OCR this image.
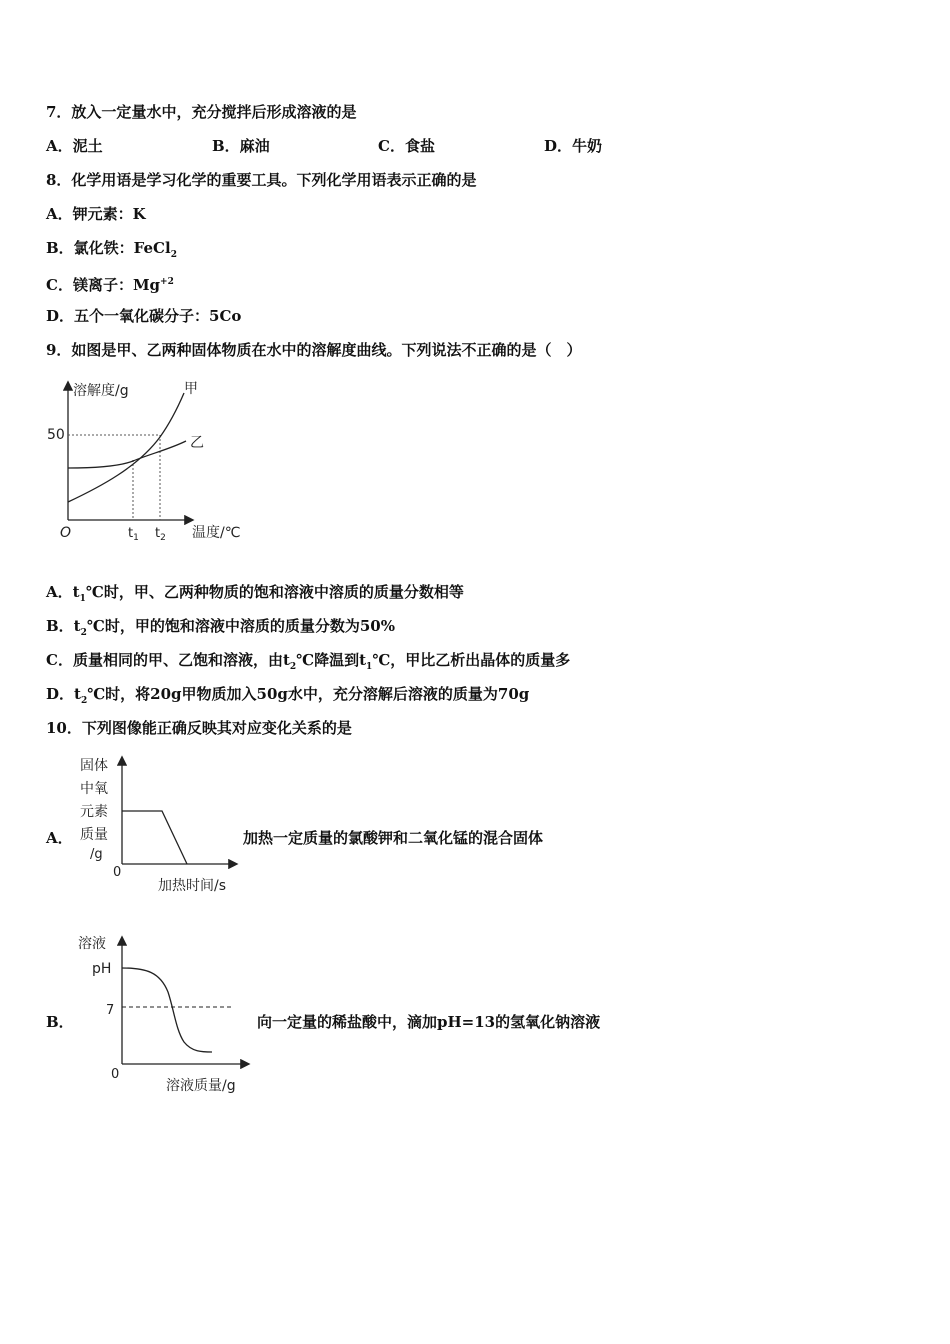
7．放入一定量水中，充分搅拌后形成溶液的是
A．泥土	B．麻油	C．食盐	D．牛奶
8．化学用语是学习化学的重要工具。下列化学用语表示正确的是
A．钾元素：K
B．氯化铁：FeCl$_2$
C．镁离子：$Mg^{+2}$
D．五个一氧化碳分子：5Co
9．如图是甲、乙两种固体物质在水中的溶解度曲线。下列说法不正确的是（　）
溶解度/g
50
O	温度/℃
$t_1$ $t_2$
甲
乙
A．$t_1℃$时，甲、乙两种物质的饱和溶液中溶质的质量分数相等
B．$t_2℃$时，甲的饱和溶液中溶质的质量分数为50%
C．质量相同的甲、乙饱和溶液，由$t_2℃$降温到$t_1℃$，甲比乙析出晶体的质量多
D．$t_2℃$时，将20g甲物质加入50g水中，充分溶解后溶液的质量为70g
10．下列图像能正确反映其对应变化关系的是
A．
固体
中氧
元素
质量
/g
0
加热时间/s
加热一定质量的氯酸钾和二氧化锰的混合固体
B．
溶液
pH
7
0
溶液质量/g
向一定量的稀盐酸中，滴加pH=13的氢氧化钠溶液
